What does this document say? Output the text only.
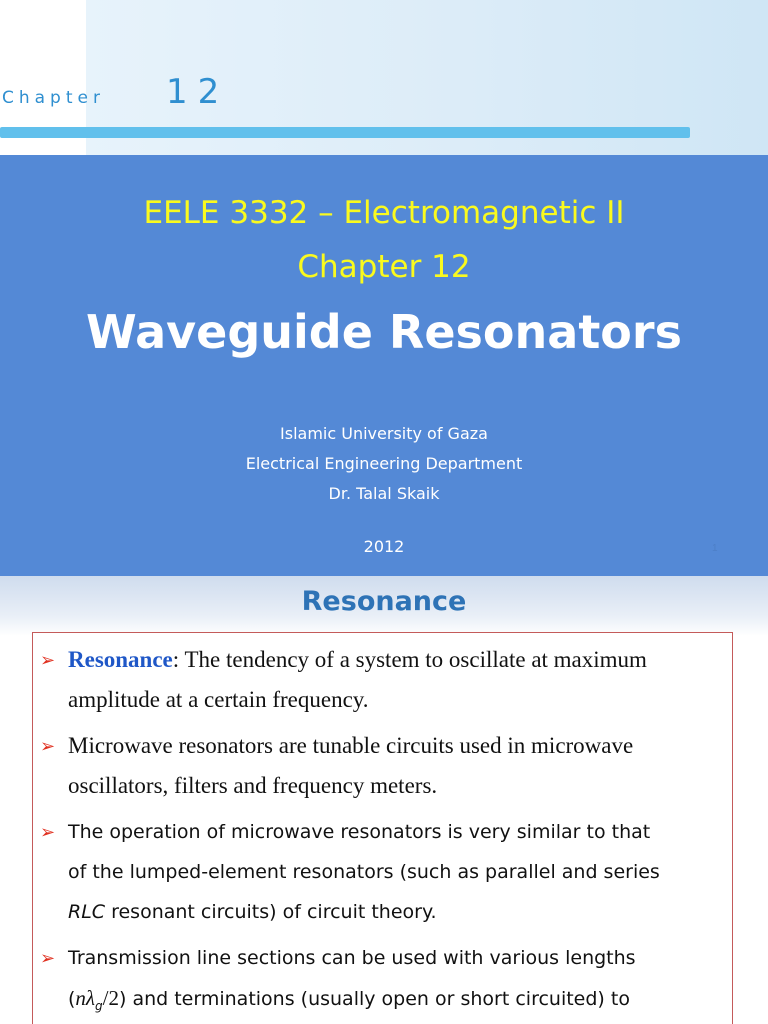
Chapter 12
EELE 3332 – Electromagnetic II
Chapter 12
Waveguide Resonators
Islamic University of Gaza
Electrical Engineering Department
Dr. Talal Skaik
2012	1
Resonance
➢ Resonance: The tendency of a system to oscillate at maximum
amplitude at a certain frequency.
➢ Microwave resonators are tunable circuits used in microwave
oscillators, filters and frequency meters.
➢ The operation of microwave resonators is very similar to that
of the lumped-element resonators (such as parallel and series
RLC resonant circuits) of circuit theory.
➢ Transmission line sections can be used with various lengths
$(n\lambda_g/2)$ and terminations (usually open or short circuited) to
